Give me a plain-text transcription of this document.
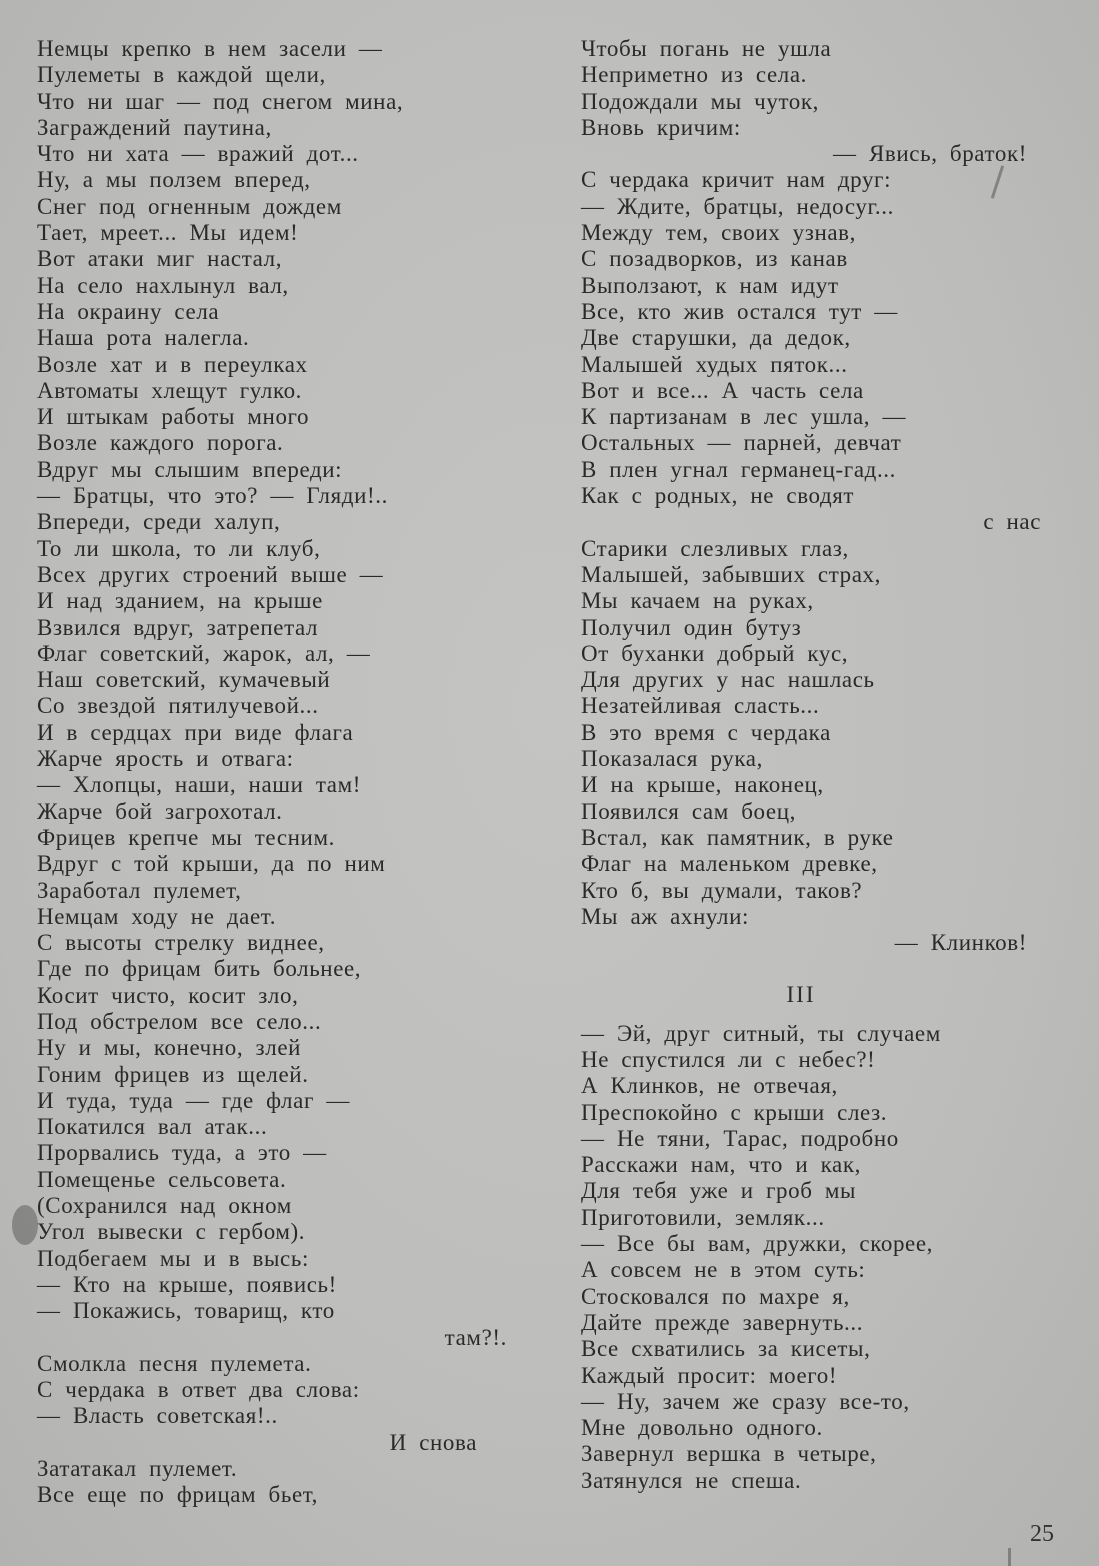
Немцы крепко в нем засели —
Пулеметы в каждой щели,
Что ни шаг — под снегом мина,
Заграждений паутина,
Что ни хата — вражий дот...
Ну, а мы ползем вперед,
Снег под огненным дождем
Тает, мреет... Мы идем!
Вот атаки миг настал,
На село нахлынул вал,
На окраину села
Наша рота налегла.
Возле хат и в переулках
Автоматы хлещут гулко.
И штыкам работы много
Возле каждого порога.
Вдруг мы слышим впереди:
— Братцы, что это? — Гляди!..
Впереди, среди халуп,
То ли школа, то ли клуб,
Всех других строений выше —
И над зданием, на крыше
Взвился вдруг, затрепетал
Флаг советский, жарок, ал, —
Наш советский, кумачевый
Со звездой пятилучевой...
И в сердцах при виде флага
Жарче ярость и отвага:
— Хлопцы, наши, наши там!
Жарче бой загрохотал.
Фрицев крепче мы тесним.
Вдруг с той крыши, да по ним
Заработал пулемет,
Немцам ходу не дает.
С высоты стрелку виднее,
Где по фрицам бить больнее,
Косит чисто, косит зло,
Под обстрелом все село...
Ну и мы, конечно, злей
Гоним фрицев из щелей.
И туда, туда — где флаг —
Покатился вал атак...
Прорвались туда, а это —
Помещенье сельсовета.
(Сохранился над окном
Угол вывески с гербом).
Подбегаем мы и в высь:
— Кто на крыше, появись!
— Покажись, товарищ, кто
там?!.
Смолкла песня пулемета.
С чердака в ответ два слова:
— Власть советская!..
И снова
Зататакал пулемет.
Все еще по фрицам бьет,
Чтобы погань не ушла
Неприметно из села.
Подождали мы чуток,
Вновь кричим:
— Явись, браток!
С чердака кричит нам друг:
— Ждите, братцы, недосуг...
Между тем, своих узнав,
С позадворков, из канав
Выползают, к нам идут
Все, кто жив остался тут —
Две старушки, да дедок,
Малышей худых пяток...
Вот и все... А часть села
К партизанам в лес ушла, —
Остальных — парней, девчат
В плен угнал германец-гад...
Как с родных, не сводят
с нас
Старики слезливых глаз,
Малышей, забывших страх,
Мы качаем на руках,
Получил один бутуз
От буханки добрый кус,
Для других у нас нашлась
Незатейливая сласть...
В это время с чердака
Показалася рука,
И на крыше, наконец,
Появился сам боец,
Встал, как памятник, в руке
Флаг на маленьком древке,
Кто б, вы думали, таков?
Мы аж ахнули:
— Клинков!
III
— Эй, друг ситный, ты случаем
Не спустился ли с небес?!
А Клинков, не отвечая,
Преспокойно с крыши слез.
— Не тяни, Тарас, подробно
Расскажи нам, что и как,
Для тебя уже и гроб мы
Приготовили, земляк...
— Все бы вам, дружки, скорее,
А совсем не в этом суть:
Стосковался по махре я,
Дайте прежде завернуть...
Все схватились за кисеты,
Каждый просит: моего!
— Ну, зачем же сразу все-то,
Мне довольно одного.
Завернул вершка в четыре,
Затянулся не спеша.
25
